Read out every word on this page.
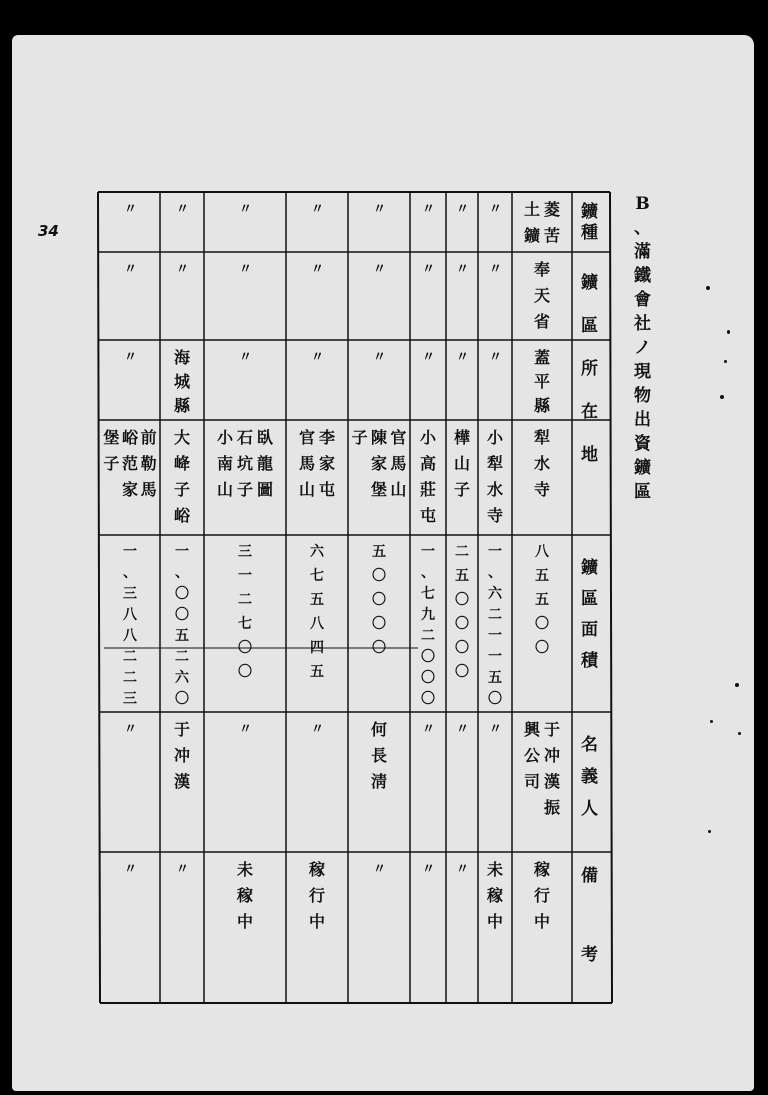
34
B
、
滿
鐵
會
社
ノ
現
物
出
資
鑛
區
鑛
種
鑛
區
所
在
地
鑛
區
面
積
名
義
人
備
考
菱
苦
土
鑛
奉
天
省
蓋
平
縣
犁
水
寺
八
五
五
〇
〇
于
冲
漢
振
興
公
司
稼
行
中
〃
〃
〃
小
犁
水
寺
一
、
六
二
一
一
五
〇
〃
未
稼
中
〃
〃
〃
樺
山
子
二
五
〇
〇
〇
〇
〃
〃
〃
〃
〃
小
高
莊
屯
一
、
七
九
二
〇
〇
〇
〃
〃
〃
〃
〃
官
馬
山
陳
家
堡
子
五
〇
〇
〇
〇
何
長
淸
〃
〃
〃
〃
李
家
屯
官
馬
山
六
七
五
八
四
五
〃
稼
行
中
〃
〃
〃
臥
龍
圖
石
坑
子
小
南
山
三
一
二
七
〇
〇
〃
未
稼
中
〃
〃
海
城
縣
大
𡶶
子
峪
一
、
〇
〇
五
二
六
〇
于
冲
漢
〃
〃
〃
〃
前
勒
馬
峪
范
家
堡
子
一
、
三
八
八
二
二
三
〃
〃
